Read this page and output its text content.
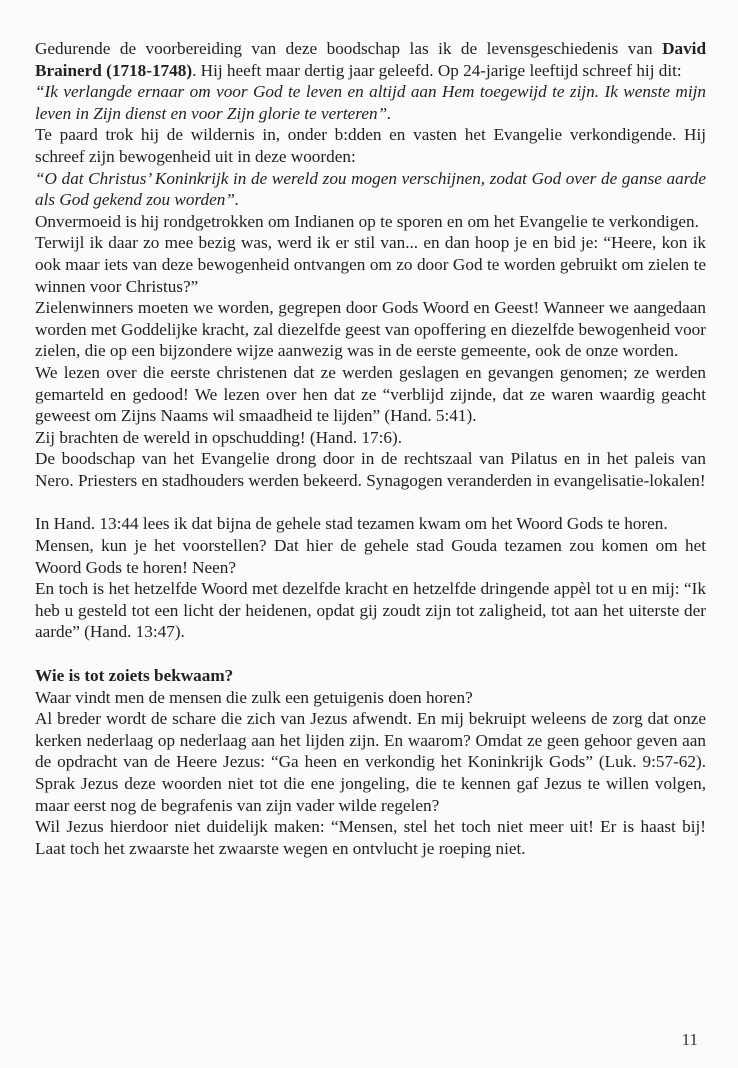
Gedurende de voorbereiding van deze boodschap las ik de levensgeschiedenis van David Brainerd (1718-1748). Hij heeft maar dertig jaar geleefd. Op 24-jarige leeftijd schreef hij dit:

“Ik verlangde ernaar om voor God te leven en altijd aan Hem toegewijd te zijn. Ik wenste mijn leven in Zijn dienst en voor Zijn glorie te verteren”.

Te paard trok hij de wildernis in, onder b:dden en vasten het Evangelie verkondigende. Hij schreef zijn bewogenheid uit in deze woorden:

“O dat Christus’ Koninkrijk in de wereld zou mogen verschijnen, zodat God over de ganse aarde als God gekend zou worden”.

Onvermoeid is hij rondgetrokken om Indianen op te sporen en om het Evangelie te verkondigen.

Terwijl ik daar zo mee bezig was, werd ik er stil van... en dan hoop je en bid je: “Heere, kon ik ook maar iets van deze bewogenheid ontvangen om zo door God te worden gebruikt om zielen te winnen voor Christus?”

Zielenwinners moeten we worden, gegrepen door Gods Woord en Geest! Wanneer we aangedaan worden met Goddelijke kracht, zal diezelfde geest van opoffering en diezelfde bewogenheid voor zielen, die op een bijzondere wijze aanwezig was in de eerste gemeente, ook de onze worden.

We lezen over die eerste christenen dat ze werden geslagen en gevangen genomen; ze werden gemarteld en gedood! We lezen over hen dat ze “verblijd zijnde, dat ze waren waardig geacht geweest om Zijns Naams wil smaadheid te lijden” (Hand. 5:41).

Zij brachten de wereld in opschudding! (Hand. 17:6).

De boodschap van het Evangelie drong door in de rechtszaal van Pilatus en in het paleis van Nero. Priesters en stadhouders werden bekeerd. Synagogen veranderden in evangelisatie-lokalen!

In Hand. 13:44 lees ik dat bijna de gehele stad tezamen kwam om het Woord Gods te horen.

Mensen, kun je het voorstellen? Dat hier de gehele stad Gouda tezamen zou komen om het Woord Gods te horen! Neen?

En toch is het hetzelfde Woord met dezelfde kracht en hetzelfde dringende appèl tot u en mij: “Ik heb u gesteld tot een licht der heidenen, opdat gij zoudt zijn tot zaligheid, tot aan het uiterste der aarde” (Hand. 13:47).

Wie is tot zoiets bekwaam?

Waar vindt men de mensen die zulk een getuigenis doen horen?

Al breder wordt de schare die zich van Jezus afwendt. En mij bekruipt weleens de zorg dat onze kerken nederlaag op nederlaag aan het lijden zijn. En waarom? Omdat ze geen gehoor geven aan de opdracht van de Heere Jezus: “Ga heen en verkondig het Koninkrijk Gods” (Luk. 9:57-62). Sprak Jezus deze woorden niet tot die ene jongeling, die te kennen gaf Jezus te willen volgen, maar eerst nog de begrafenis van zijn vader wilde regelen?

Wil Jezus hierdoor niet duidelijk maken: “Mensen, stel het toch niet meer uit! Er is haast bij! Laat toch het zwaarste het zwaarste wegen en ontvlucht je roeping niet.

11
